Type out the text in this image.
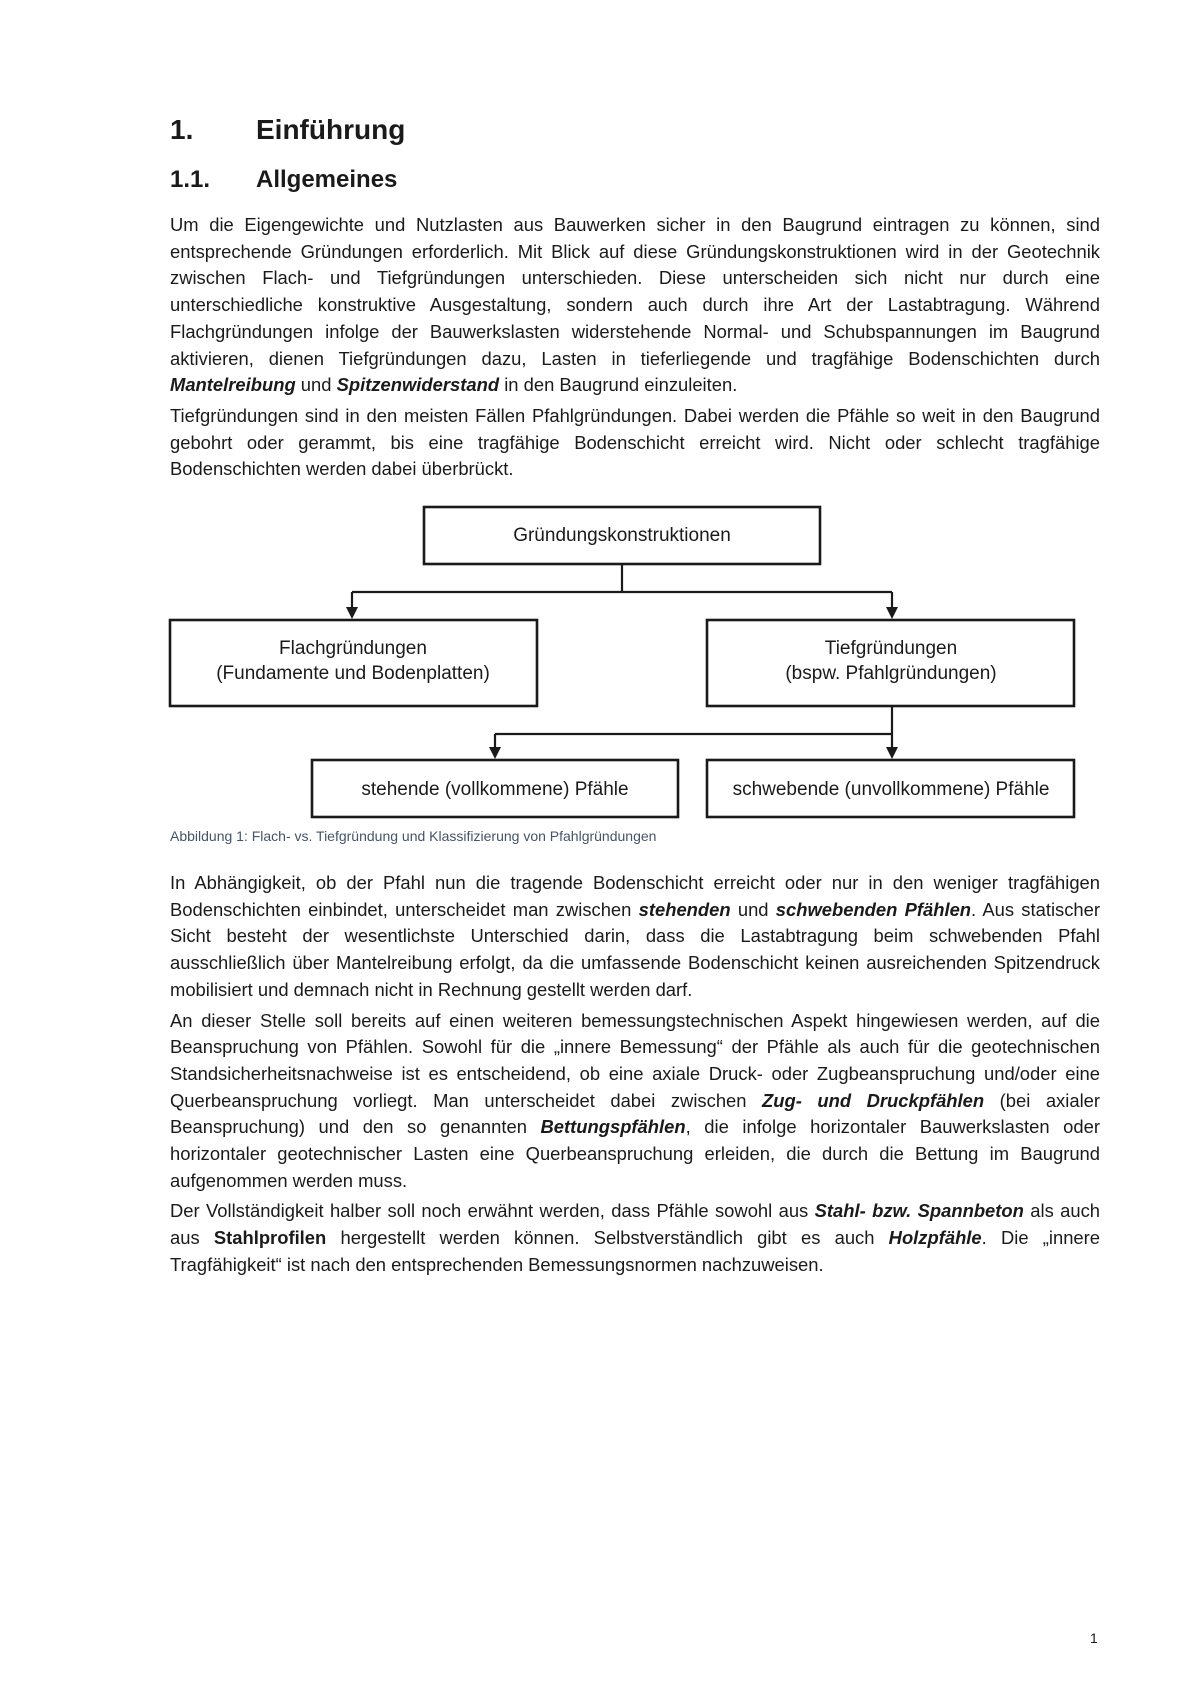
1. Einführung
1.1. Allgemeines

Um die Eigengewichte und Nutzlasten aus Bauwerken sicher in den Baugrund eintragen zu können, sind entsprechende Gründungen erforderlich. Mit Blick auf diese Gründungskonstruktionen wird in der Geotechnik zwischen Flach- und Tiefgründungen unterschieden. Diese unterscheiden sich nicht nur durch eine unterschiedliche konstruktive Ausgestaltung, sondern auch durch ihre Art der Lastabtragung. Während Flachgründungen infolge der Bauwerkslasten widerstehende Normal- und Schubspannungen im Baugrund aktivieren, dienen Tiefgründungen dazu, Lasten in tieferliegende und tragfähige Bodenschichten durch Mantelreibung und Spitzenwiderstand in den Baugrund einzuleiten.

Tiefgründungen sind in den meisten Fällen Pfahlgründungen. Dabei werden die Pfähle so weit in den Baugrund gebohrt oder gerammt, bis eine tragfähige Bodenschicht erreicht wird. Nicht oder schlecht tragfähige Bodenschichten werden dabei überbrückt.

Gründungskonstruktionen
Flachgründungen
(Fundamente und Bodenplatten)
Tiefgründungen
(bspw. Pfahlgründungen)
stehende (vollkommene) Pfähle	schwebende (unvollkommene) Pfähle
Abbildung 1: Flach- vs. Tiefgründung und Klassifizierung von Pfahlgründungen

In Abhängigkeit, ob der Pfahl nun die tragende Bodenschicht erreicht oder nur in den weniger tragfähigen Bodenschichten einbindet, unterscheidet man zwischen stehenden und schwebenden Pfählen. Aus statischer Sicht besteht der wesentlichste Unterschied darin, dass die Lastabtragung beim schwebenden Pfahl ausschließlich über Mantelreibung erfolgt, da die umfassende Bodenschicht keinen ausreichenden Spitzendruck mobilisiert und demnach nicht in Rechnung gestellt werden darf.

An dieser Stelle soll bereits auf einen weiteren bemessungstechnischen Aspekt hingewiesen werden, auf die Beanspruchung von Pfählen. Sowohl für die „innere Bemessung“ der Pfähle als auch für die geotechnischen Standsicherheitsnachweise ist es entscheidend, ob eine axiale Druck- oder Zugbeanspruchung und/oder eine Querbeanspruchung vorliegt. Man unterscheidet dabei zwischen Zug- und Druckpfählen (bei axialer Beanspruchung) und den so genannten Bettungspfählen, die infolge horizontaler Bauwerkslasten oder horizontaler geotechnischer Lasten eine Querbeanspruchung erleiden, die durch die Bettung im Baugrund aufgenommen werden muss.

Der Vollständigkeit halber soll noch erwähnt werden, dass Pfähle sowohl aus Stahl- bzw. Spannbeton als auch aus Stahlprofilen hergestellt werden können. Selbstverständlich gibt es auch Holzpfähle. Die „innere Tragfähigkeit“ ist nach den entsprechenden Bemessungsnormen nachzuweisen.

1
